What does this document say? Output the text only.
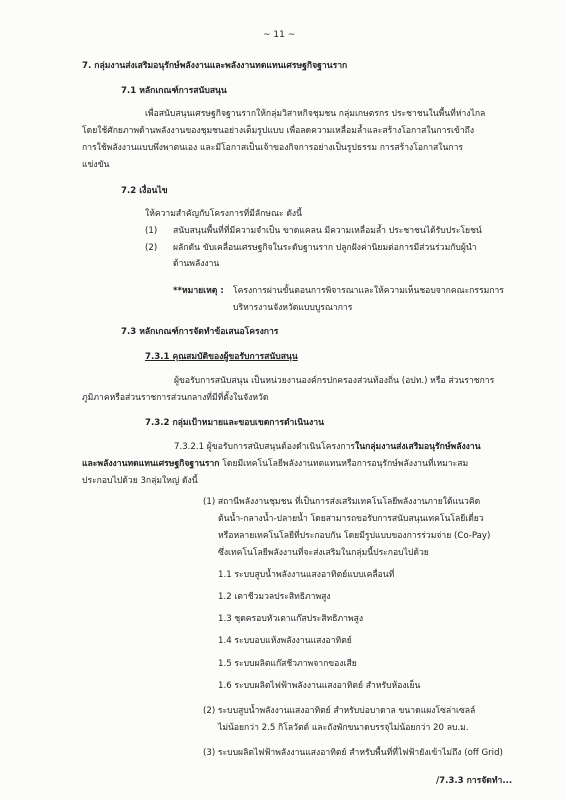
~ 11 ~
7. กลุ่มงานส่งเสริมอนุรักษ์พลังงานและพลังงานทดแทนเศรษฐกิจฐานราก
7.1 หลักเกณฑ์การสนับสนุน
เพื่อสนับสนุนเศรษฐกิจฐานรากให้กลุ่มวิสาหกิจชุมชน กลุ่มเกษตรกร ประชาชนในพื้นที่ห่างไกล
โดยใช้ศักยภาพด้านพลังงานของชุมชนอย่างเต็มรูปแบบ เพื่อลดความเหลื่อมล้ำและสร้างโอกาสในการเข้าถึง
การใช้พลังงานแบบพึ่งพาตนเอง และมีโอกาสเป็นเจ้าของกิจการอย่างเป็นรูปธรรม การสร้างโอกาสในการ
แข่งขัน
7.2 เงื่อนไข
ให้ความสำคัญกับโครงการที่มีลักษณะ ดังนี้
(1) สนับสนุนพื้นที่ที่มีความจำเป็น ขาดแคลน มีความเหลื่อมล้ำ ประชาชนได้รับประโยชน์
(2) ผลักดัน ขับเคลื่อนเศรษฐกิจในระดับฐานราก ปลูกฝังค่านิยมต่อการมีส่วนร่วมกับผู้นำ
ด้านพลังงาน
**หมายเหตุ : โครงการผ่านขั้นตอนการพิจารณาและให้ความเห็นชอบจากคณะกรรมการ
บริหารงานจังหวัดแบบบูรณาการ
7.3 หลักเกณฑ์การจัดทำข้อเสนอโครงการ
7.3.1 คุณสมบัติของผู้ขอรับการสนับสนุน
ผู้ขอรับการสนับสนุน เป็นหน่วยงานองค์กรปกครองส่วนท้องถิ่น (อปท.) หรือ ส่วนราชการ
ภูมิภาคหรือส่วนราชการส่วนกลางที่มีที่ตั้งในจังหวัด
7.3.2 กลุ่มเป้าหมายและขอบเขตการดำเนินงาน
7.3.2.1 ผู้ขอรับการสนับสนุนต้องดำเนินโครงการในกลุ่มงานส่งเสริมอนุรักษ์พลังงาน
และพลังงานทดแทนเศรษฐกิจฐานราก โดยมีเทคโนโลยีพลังงานทดแทนหรือการอนุรักษ์พลังงานที่เหมาะสม
ประกอบไปด้วย 3กลุ่มใหญ่ ดังนี้
(1) สถานีพลังงานชุมชน ที่เป็นการส่งเสริมเทคโนโลยีพลังงานภายใต้แนวคิด
ต้นน้ำ-กลางน้ำ-ปลายน้ำ โดยสามารถขอรับการสนับสนุนเทคโนโลยีเดี่ยว
หรือหลายเทคโนโลยีที่ประกอบกัน โดยมีรูปแบบของการร่วมจ่าย (Co-Pay)
ซึ่งเทคโนโลยีพลังงานที่จะส่งเสริมในกลุ่มนี้ประกอบไปด้วย
1.1 ระบบสูบน้ำพลังงานแสงอาทิตย์แบบเคลื่อนที่
1.2 เตาชีวมวลประสิทธิภาพสูง
1.3 ชุดครอบหัวเตาแก๊สประสิทธิภาพสูง
1.4 ระบบอบแห้งพลังงานแสงอาทิตย์
1.5 ระบบผลิตแก๊สชีวภาพจากของเสีย
1.6 ระบบผลิตไฟฟ้าพลังงานแสงอาทิตย์ สำหรับห้องเย็น
(2) ระบบสูบน้ำพลังงานแสงอาทิตย์ สำหรับบ่อบาดาล ขนาดแผงโซล่าเซลล์
ไม่น้อยกว่า 2.5 กิโลวัตต์ และถังพักขนาดบรรจุไม่น้อยกว่า 20 ลบ.ม.
(3) ระบบผลิตไฟฟ้าพลังงานแสงอาทิตย์ สำหรับพื้นที่ที่ไฟฟ้ายังเข้าไม่ถึง (off Grid)
/7.3.3 การจัดทำ...
